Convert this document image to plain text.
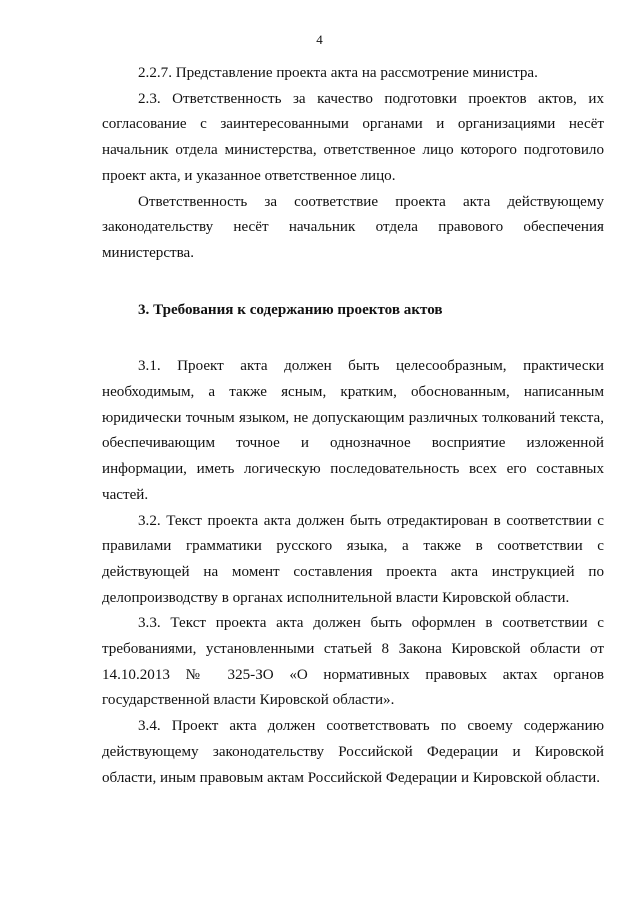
4

2.2.7. Представление проекта акта на рассмотрение министра.

2.3. Ответственность за качество подготовки проектов актов, их согласование с заинтересованными органами и организациями несёт начальник отдела министерства, ответственное лицо которого подготовило проект акта, и указанное ответственное лицо.

Ответственность за соответствие проекта акта действующему законодательству несёт начальник отдела правового обеспечения министерства.

3. Требования к содержанию проектов актов

3.1. Проект акта должен быть целесообразным, практически необходимым, а также ясным, кратким, обоснованным, написанным юридически точным языком, не допускающим различных толкований текста, обеспечивающим точное и однозначное восприятие изложенной информации, иметь логическую последовательность всех его составных частей.

3.2. Текст проекта акта должен быть отредактирован в соответствии с правилами грамматики русского языка, а также в соответствии с действующей на момент составления проекта акта инструкцией по делопроизводству в органах исполнительной власти Кировской области.

3.3. Текст проекта акта должен быть оформлен в соответствии с требованиями, установленными статьей 8 Закона Кировской области от 14.10.2013 № 325-ЗО «О нормативных правовых актах органов государственной власти Кировской области».

3.4. Проект акта должен соответствовать по своему содержанию действующему законодательству Российской Федерации и Кировской области, иным правовым актам Российской Федерации и Кировской области.
